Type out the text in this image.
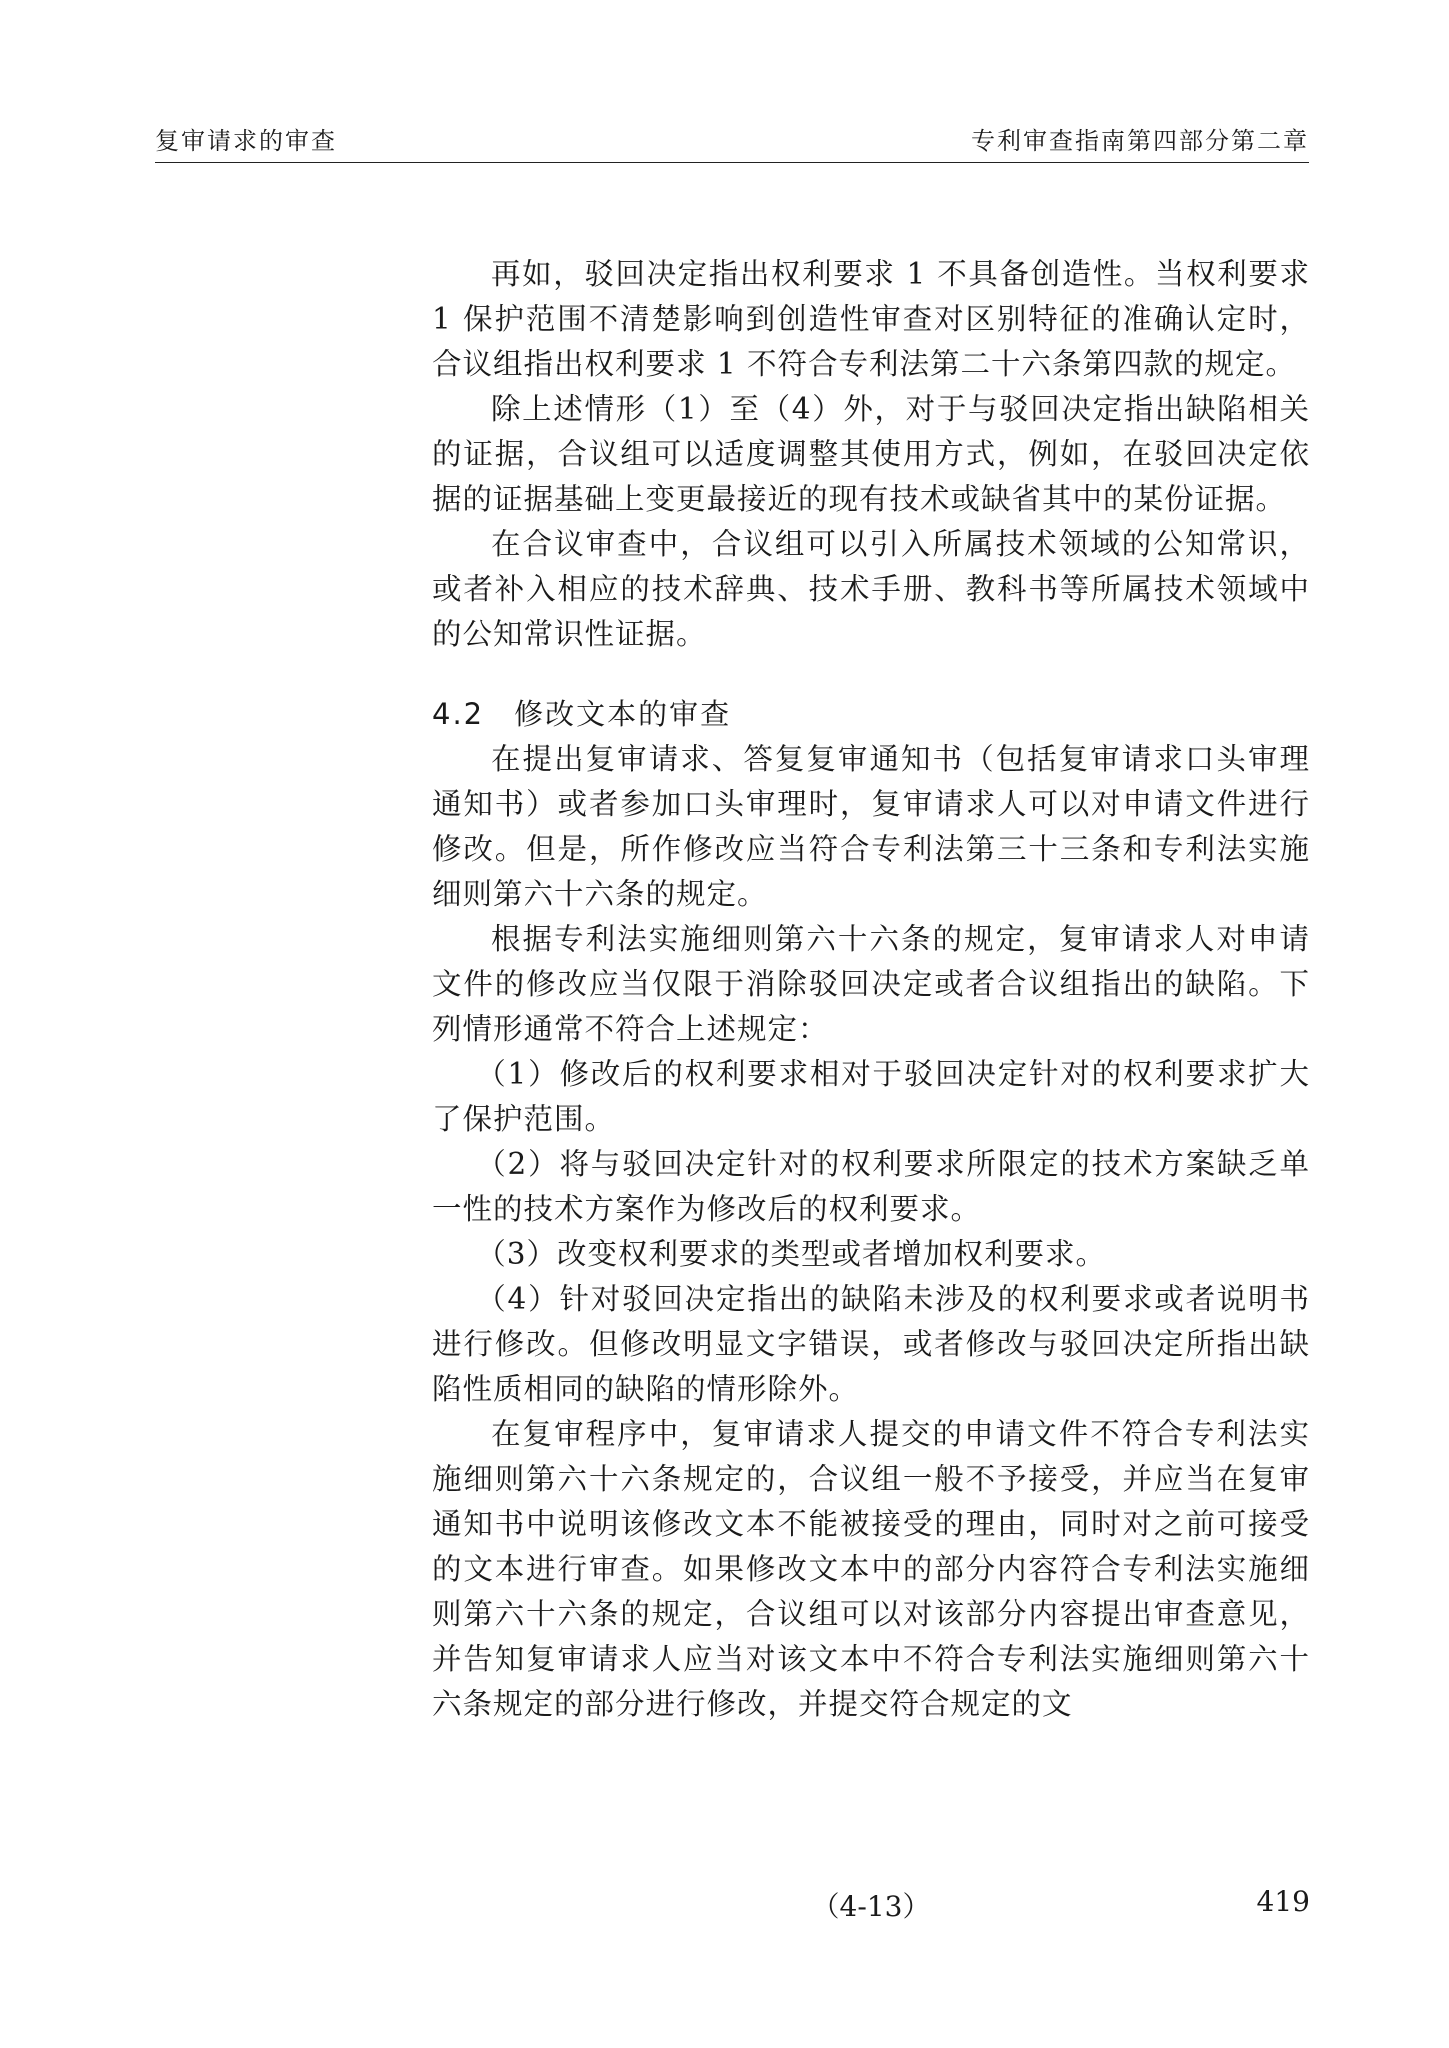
复审请求的审查	专利审查指南第四部分第二章

再如，驳回决定指出权利要求 1 不具备创造性。当权利要求 1 保护范围不清楚影响到创造性审查对区别特征的准确认定时，合议组指出权利要求 1 不符合专利法第二十六条第四款的规定。

除上述情形（1）至（4）外，对于与驳回决定指出缺陷相关的证据，合议组可以适度调整其使用方式，例如，在驳回决定依据的证据基础上变更最接近的现有技术或缺省其中的某份证据。

在合议审查中，合议组可以引入所属技术领域的公知常识，或者补入相应的技术辞典、技术手册、教科书等所属技术领域中的公知常识性证据。

4.2 修改文本的审查

在提出复审请求、答复复审通知书（包括复审请求口头审理通知书）或者参加口头审理时，复审请求人可以对申请文件进行修改。但是，所作修改应当符合专利法第三十三条和专利法实施细则第六十六条的规定。

根据专利法实施细则第六十六条的规定，复审请求人对申请文件的修改应当仅限于消除驳回决定或者合议组指出的缺陷。下列情形通常不符合上述规定：

（1）修改后的权利要求相对于驳回决定针对的权利要求扩大了保护范围。

（2）将与驳回决定针对的权利要求所限定的技术方案缺乏单一性的技术方案作为修改后的权利要求。

（3）改变权利要求的类型或者增加权利要求。

（4）针对驳回决定指出的缺陷未涉及的权利要求或者说明书进行修改。但修改明显文字错误，或者修改与驳回决定所指出缺陷性质相同的缺陷的情形除外。

在复审程序中，复审请求人提交的申请文件不符合专利法实施细则第六十六条规定的，合议组一般不予接受，并应当在复审通知书中说明该修改文本不能被接受的理由，同时对之前可接受的文本进行审查。如果修改文本中的部分内容符合专利法实施细则第六十六条的规定，合议组可以对该部分内容提出审查意见，并告知复审请求人应当对该文本中不符合专利法实施细则第六十六条规定的部分进行修改，并提交符合规定的文

（4-13）	419
